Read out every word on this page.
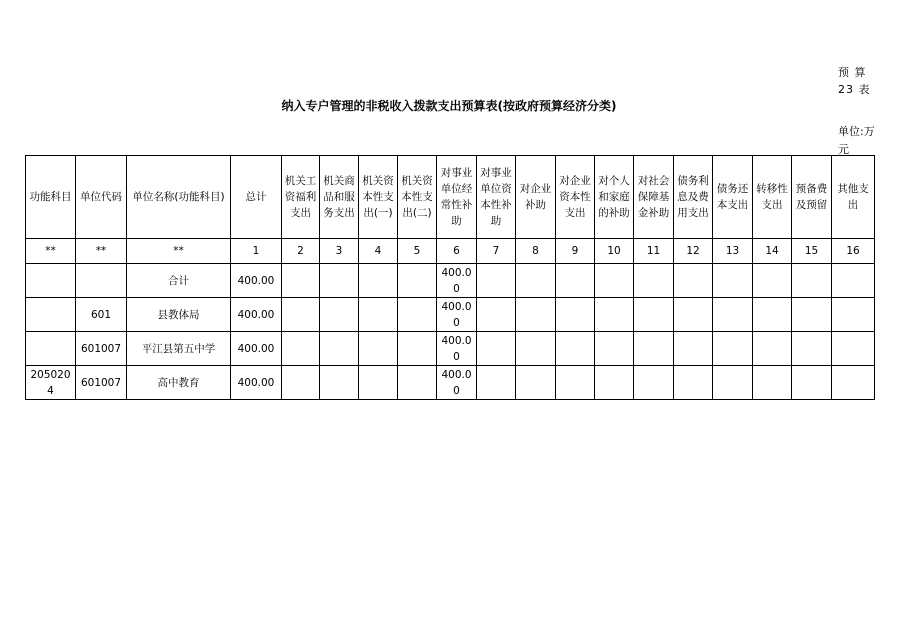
预 算 23 表
纳入专户管理的非税收入拨款支出预算表(按政府预算经济分类)
单位:万元
功能科目	单位代码	单位名称(功能科目)	总计	机关工资福利支出	机关商品和服务支出	机关资本性支出(一)	机关资本性支出(二)	对事业单位经常性补助	对事业单位资本性补助	对企业补助	对企业资本性支出	对个人和家庭的补助	对社会保障基金补助	债务利息及费用支出	债务还本支出	转移性支出	预备费及预留	其他支出
**	**	**	1	2	3	4	5	6	7	8	9	10	11	12	13	14	15	16
		合计	400.00					400.00										
	601	县教体局	400.00					400.00										
	601007	平江县第五中学	400.00					400.00										
2050204	601007	高中教育	400.00					400.00										
